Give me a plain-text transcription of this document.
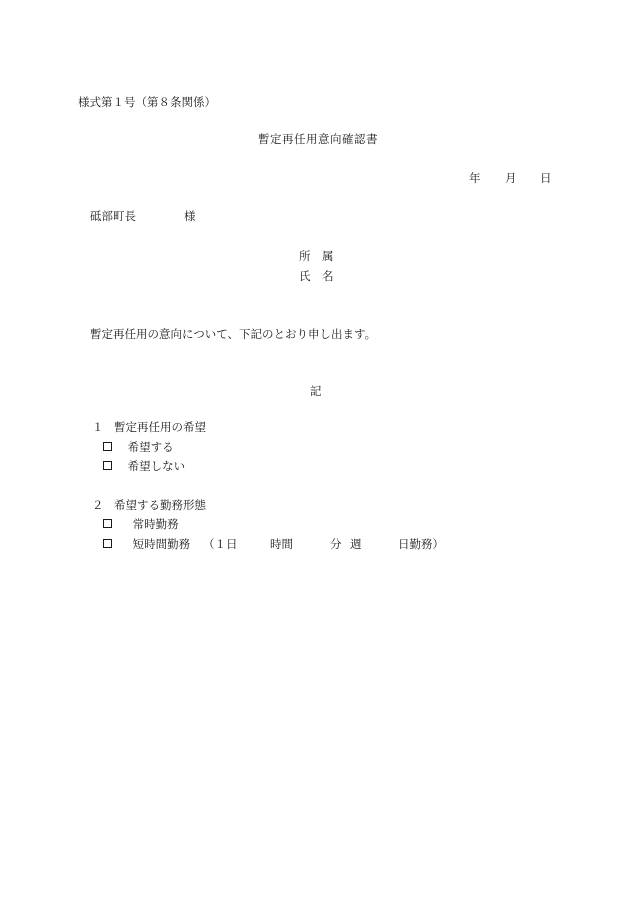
様式第１号（第８条関係）
暫定再任用意向確認書
年 月 日
砥部町長	様
所　属
氏　名
暫定再任用の意向について、下記のとおり申し出ます。
記
１ 暫定再任用の希望
希望する
希望しない
２ 希望する勤務形態
常時勤務
短時間勤務 （１日	時間	分 週	日勤務）
